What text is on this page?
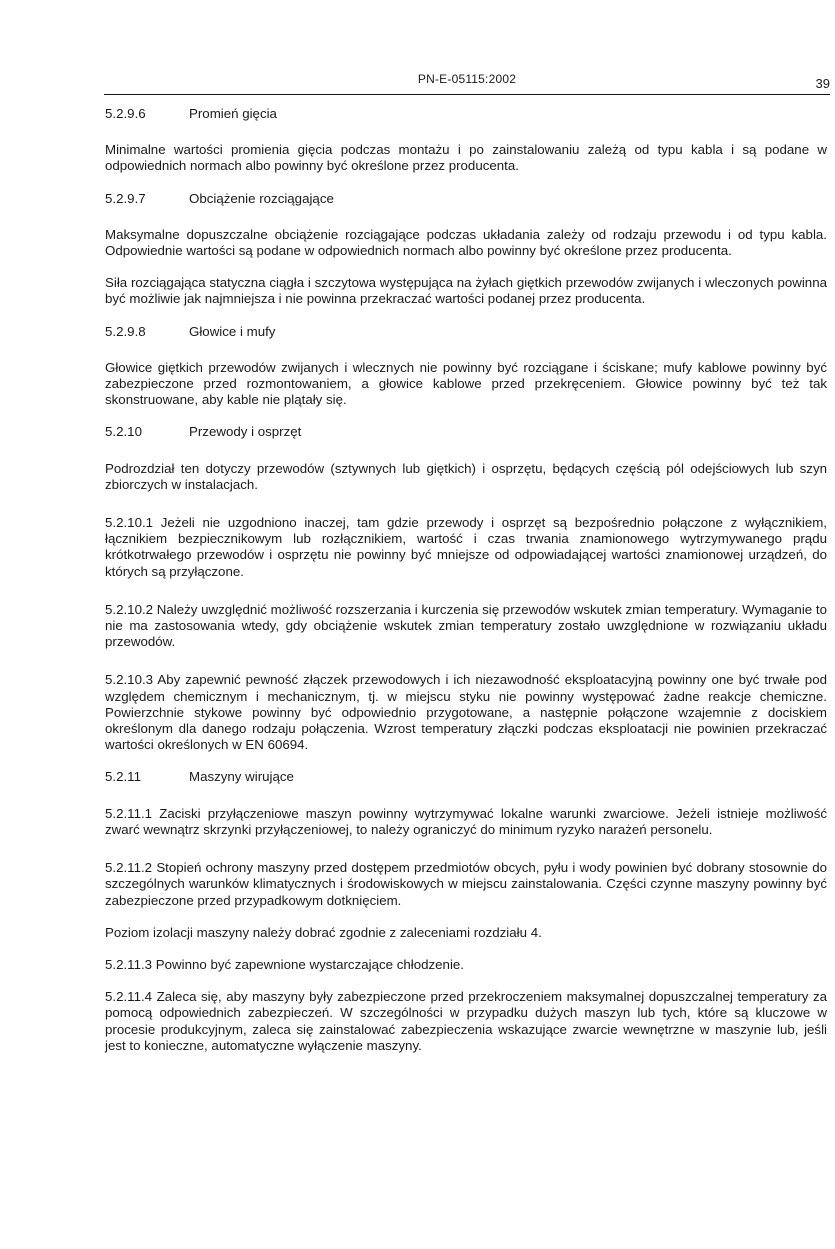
PN-E-05115:2002	39
5.2.9.6	Promień gięcia

Minimalne wartości promienia gięcia podczas montażu i po zainstalowaniu zależą od typu kabla i są podane w odpowiednich normach albo powinny być określone przez producenta.

5.2.9.7	Obciążenie rozciągające

Maksymalne dopuszczalne obciążenie rozciągające podczas układania zależy od rodzaju przewodu i od typu kabla. Odpowiednie wartości są podane w odpowiednich normach albo powinny być określone przez producenta.

Siła rozciągająca statyczna ciągła i szczytowa występująca na żyłach giętkich przewodów zwijanych i wleczonych powinna być możliwie jak najmniejsza i nie powinna przekraczać wartości podanej przez producenta.

5.2.9.8	Głowice i mufy

Głowice giętkich przewodów zwijanych i wlecznych nie powinny być rozciągane i ściskane; mufy kablowe powinny być zabezpieczone przed rozmontowaniem, a głowice kablowe przed przekręceniem. Głowice powinny być też tak skonstruowane, aby kable nie plątały się.

5.2.10	Przewody i osprzęt

Podrozdział ten dotyczy przewodów (sztywnych lub giętkich) i osprzętu, będących częścią pól odejściowych lub szyn zbiorczych w instalacjach.

5.2.10.1 Jeżeli nie uzgodniono inaczej, tam gdzie przewody i osprzęt są bezpośrednio połączone z wyłącznikiem, łącznikiem bezpiecznikowym lub rozłącznikiem, wartość i czas trwania znamionowego wytrzymywanego prądu krótkotrwałego przewodów i osprzętu nie powinny być mniejsze od odpowiadającej wartości znamionowej urządzeń, do których są przyłączone.

5.2.10.2 Należy uwzględnić możliwość rozszerzania i kurczenia się przewodów wskutek zmian temperatury. Wymaganie to nie ma zastosowania wtedy, gdy obciążenie wskutek zmian temperatury zostało uwzględnione w rozwiązaniu układu przewodów.

5.2.10.3 Aby zapewnić pewność złączek przewodowych i ich niezawodność eksploatacyjną powinny one być trwałe pod względem chemicznym i mechanicznym, tj. w miejscu styku nie powinny występować żadne reakcje chemiczne. Powierzchnie stykowe powinny być odpowiednio przygotowane, a następnie połączone wzajemnie z dociskiem określonym dla danego rodzaju połączenia. Wzrost temperatury złączki podczas eksploatacji nie powinien przekraczać wartości określonych w EN 60694.

5.2.11	Maszyny wirujące

5.2.11.1 Zaciski przyłączeniowe maszyn powinny wytrzymywać lokalne warunki zwarciowe. Jeżeli istnieje możliwość zwarć wewnątrz skrzynki przyłączeniowej, to należy ograniczyć do minimum ryzyko narażeń personelu.

5.2.11.2 Stopień ochrony maszyny przed dostępem przedmiotów obcych, pyłu i wody powinien być dobrany stosownie do szczególnych warunków klimatycznych i środowiskowych w miejscu zainstalowania. Części czynne maszyny powinny być zabezpieczone przed przypadkowym dotknięciem.

Poziom izolacji maszyny należy dobrać zgodnie z zaleceniami rozdziału 4.

5.2.11.3 Powinno być zapewnione wystarczające chłodzenie.

5.2.11.4 Zaleca się, aby maszyny były zabezpieczone przed przekroczeniem maksymalnej dopuszczalnej temperatury za pomocą odpowiednich zabezpieczeń. W szczególności w przypadku dużych maszyn lub tych, które są kluczowe w procesie produkcyjnym, zaleca się zainstalować zabezpieczenia wskazujące zwarcie wewnętrzne w maszynie lub, jeśli jest to konieczne, automatyczne wyłączenie maszyny.
